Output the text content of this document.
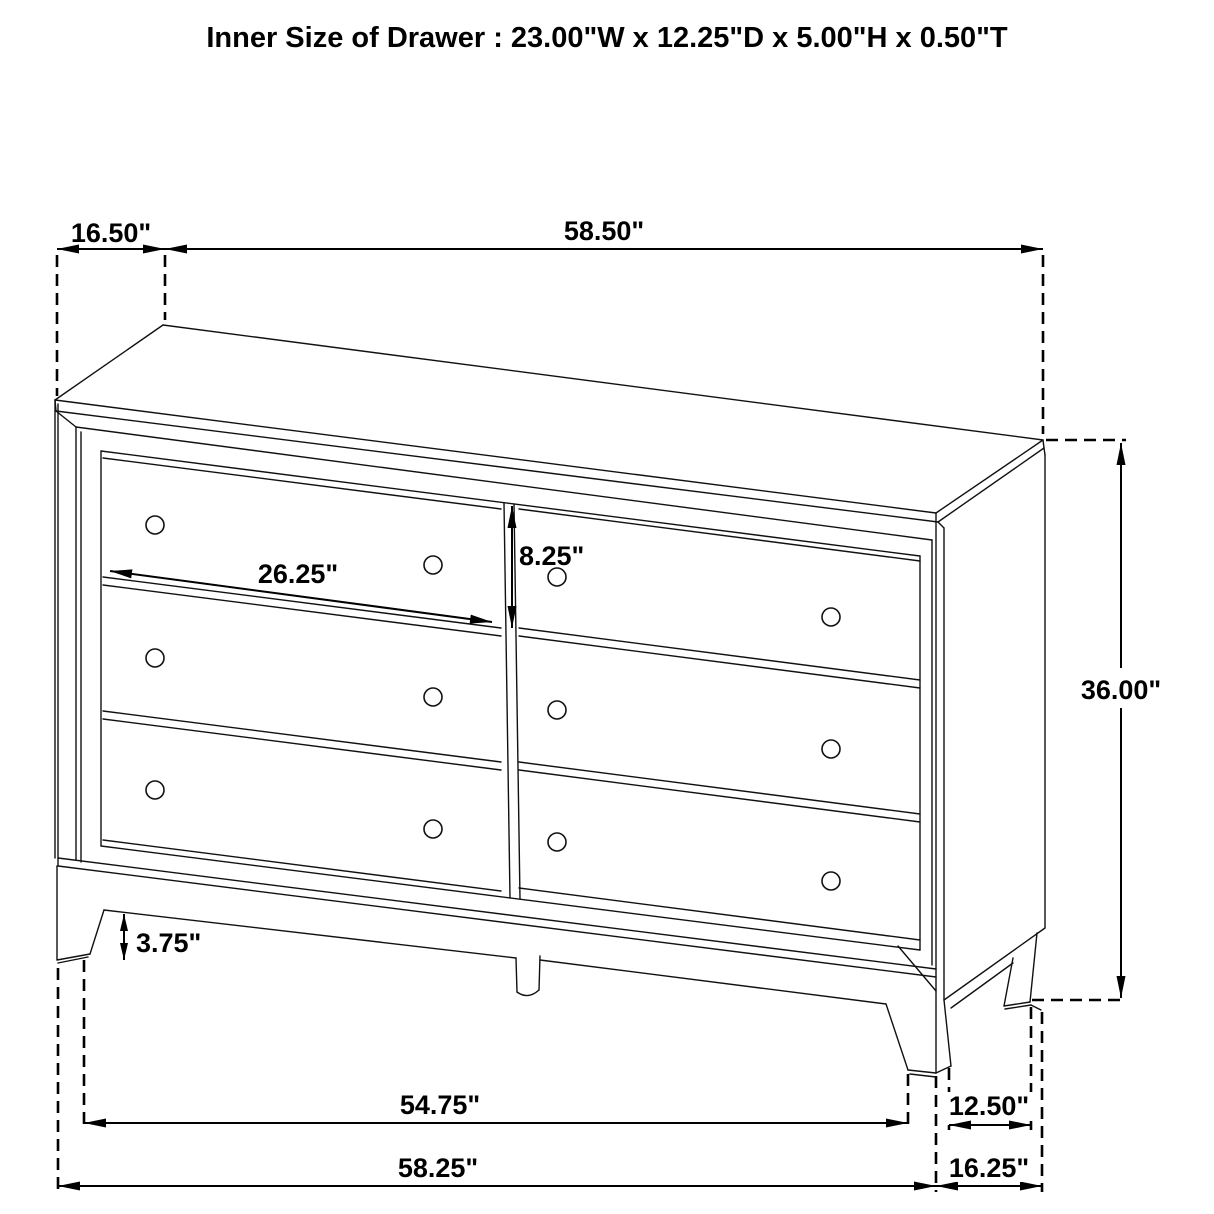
Inner Size of Drawer : 23.00"W x 12.25"D x 5.00"H x 0.50"T
16.50"	58.50"
36.00"
26.25"
8.25"
3.75"
54.75"
58.25"
12.50"
16.25"
